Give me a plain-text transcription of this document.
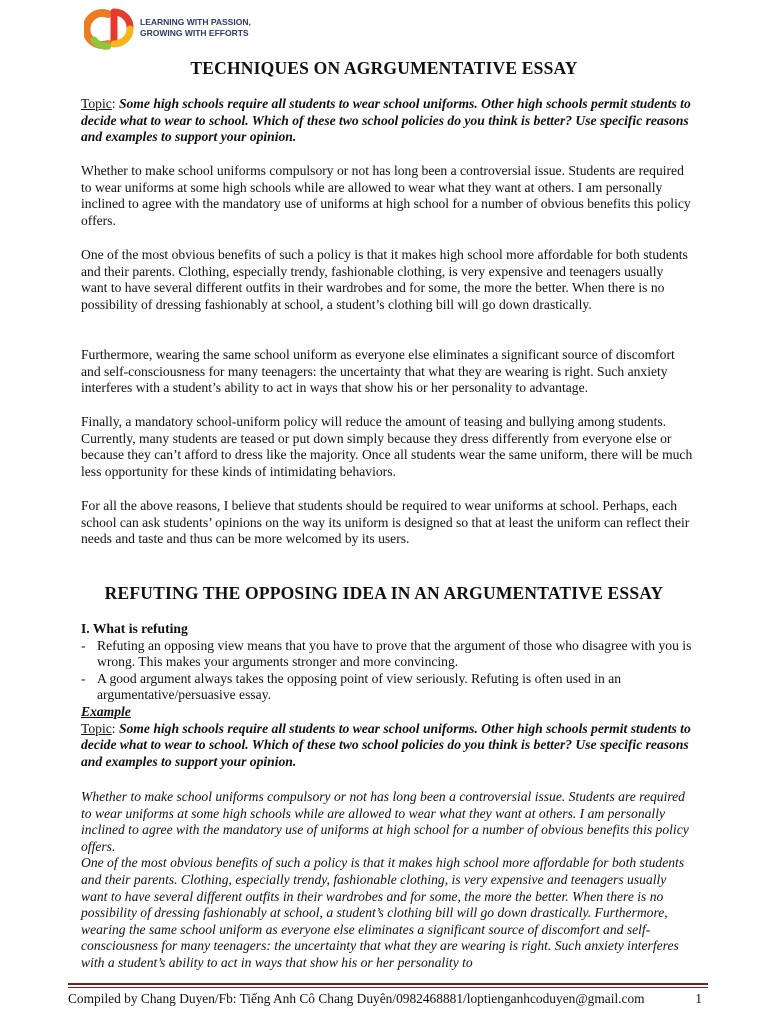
LEARNING WITH PASSION,
GROWING WITH EFFORTS
TECHNIQUES ON AGRGUMENTATIVE ESSAY

Topic: Some high schools require all students to wear school uniforms. Other high schools permit students to decide what to wear to school. Which of these two school policies do you think is better? Use specific reasons and examples to support your opinion.

Whether to make school uniforms compulsory or not has long been a controversial issue. Students are required to wear uniforms at some high schools while are allowed to wear what they want at others. I am personally inclined to agree with the mandatory use of uniforms at high school for a number of obvious benefits this policy offers.

One of the most obvious benefits of such a policy is that it makes high school more affordable for both students and their parents. Clothing, especially trendy, fashionable clothing, is very expensive and teenagers usually want to have several different outfits in their wardrobes and for some, the more the better. When there is no possibility of dressing fashionably at school, a student’s clothing bill will go down drastically.

Furthermore, wearing the same school uniform as everyone else eliminates a significant source of discomfort and self-consciousness for many teenagers: the uncertainty that what they are wearing is right. Such anxiety interferes with a student’s ability to act in ways that show his or her personality to advantage.

Finally, a mandatory school-uniform policy will reduce the amount of teasing and bullying among students. Currently, many students are teased or put down simply because they dress differently from everyone else or because they can’t afford to dress like the majority. Once all students wear the same uniform, there will be much less opportunity for these kinds of intimidating behaviors.

For all the above reasons, I believe that students should be required to wear uniforms at school. Perhaps, each school can ask students’ opinions on the way its uniform is designed so that at least the uniform can reflect their needs and taste and thus can be more welcomed by its users.

REFUTING THE OPPOSING IDEA IN AN ARGUMENTATIVE ESSAY

I. What is refuting

- Refuting an opposing view means that you have to prove that the argument of those who disagree with you is wrong. This makes your arguments stronger and more convincing.
- A good argument always takes the opposing point of view seriously. Refuting is often used in an argumentative/persuasive essay.

Example

Topic: Some high schools require all students to wear school uniforms. Other high schools permit students to decide what to wear to school. Which of these two school policies do you think is better? Use specific reasons and examples to support your opinion.

Whether to make school uniforms compulsory or not has long been a controversial issue. Students are required to wear uniforms at some high schools while are allowed to wear what they want at others. I am personally inclined to agree with the mandatory use of uniforms at high school for a number of obvious benefits this policy offers.

One of the most obvious benefits of such a policy is that it makes high school more affordable for both students and their parents. Clothing, especially trendy, fashionable clothing, is very expensive and teenagers usually want to have several different outfits in their wardrobes and for some, the more the better. When there is no possibility of dressing fashionably at school, a student’s clothing bill will go down drastically. Furthermore, wearing the same school uniform as everyone else eliminates a significant source of discomfort and self-consciousness for many teenagers: the uncertainty that what they are wearing is right. Such anxiety interferes with a student’s ability to act in ways that show his or her personality to

Compiled by Chang Duyen/Fb: Tiếng Anh Cô Chang Duyên/0982468881/loptienganhcoduyen@gmail.com	1
